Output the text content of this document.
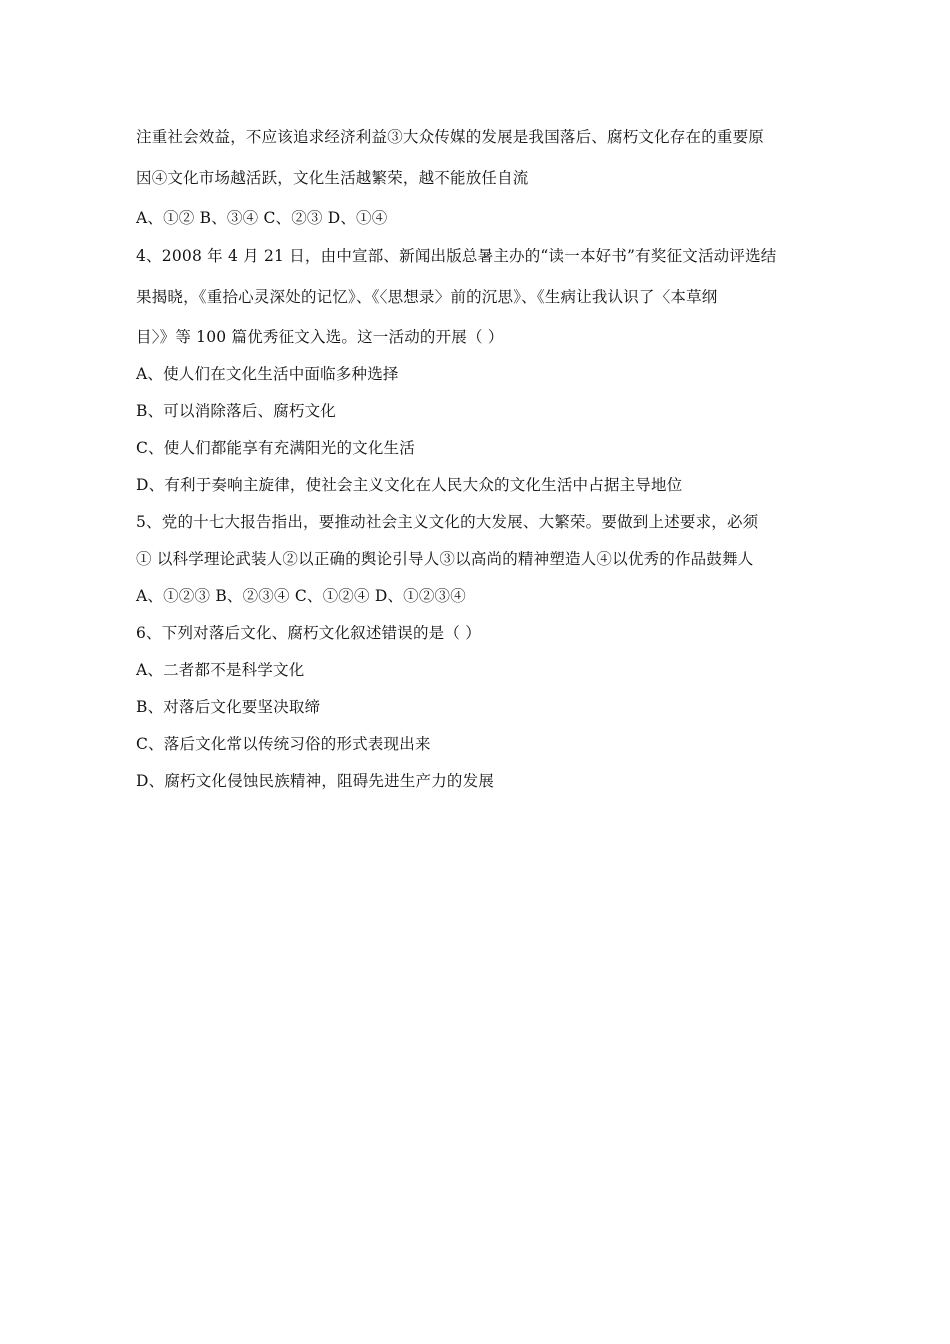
注重社会效益，不应该追求经济利益③大众传媒的发展是我国落后、腐朽文化存在的重要原
因④文化市场越活跃，文化生活越繁荣，越不能放任自流
A、①② B、③④ C、②③ D、①④
4、2008 年 4 月 21 日，由中宣部、新闻出版总暑主办的“读一本好书”有奖征文活动评选结
果揭晓，《重拾心灵深处的记忆》、《〈思想录〉前的沉思》、《生病让我认识了〈本草纲
目〉》等 100 篇优秀征文入选。这一活动的开展（ ）
A、使人们在文化生活中面临多种选择
B、可以消除落后、腐朽文化
C、使人们都能享有充满阳光的文化生活
D、有利于奏响主旋律，使社会主义文化在人民大众的文化生活中占据主导地位
5、党的十七大报告指出，要推动社会主义文化的大发展、大繁荣。要做到上述要求，必须
① 以科学理论武装人②以正确的舆论引导人③以高尚的精神塑造人④以优秀的作品鼓舞人
A、①②③ B、②③④ C、①②④ D、①②③④
6、下列对落后文化、腐朽文化叙述错误的是（ ）
A、二者都不是科学文化
B、对落后文化要坚决取缔
C、落后文化常以传统习俗的形式表现出来
D、腐朽文化侵蚀民族精神，阻碍先进生产力的发展
